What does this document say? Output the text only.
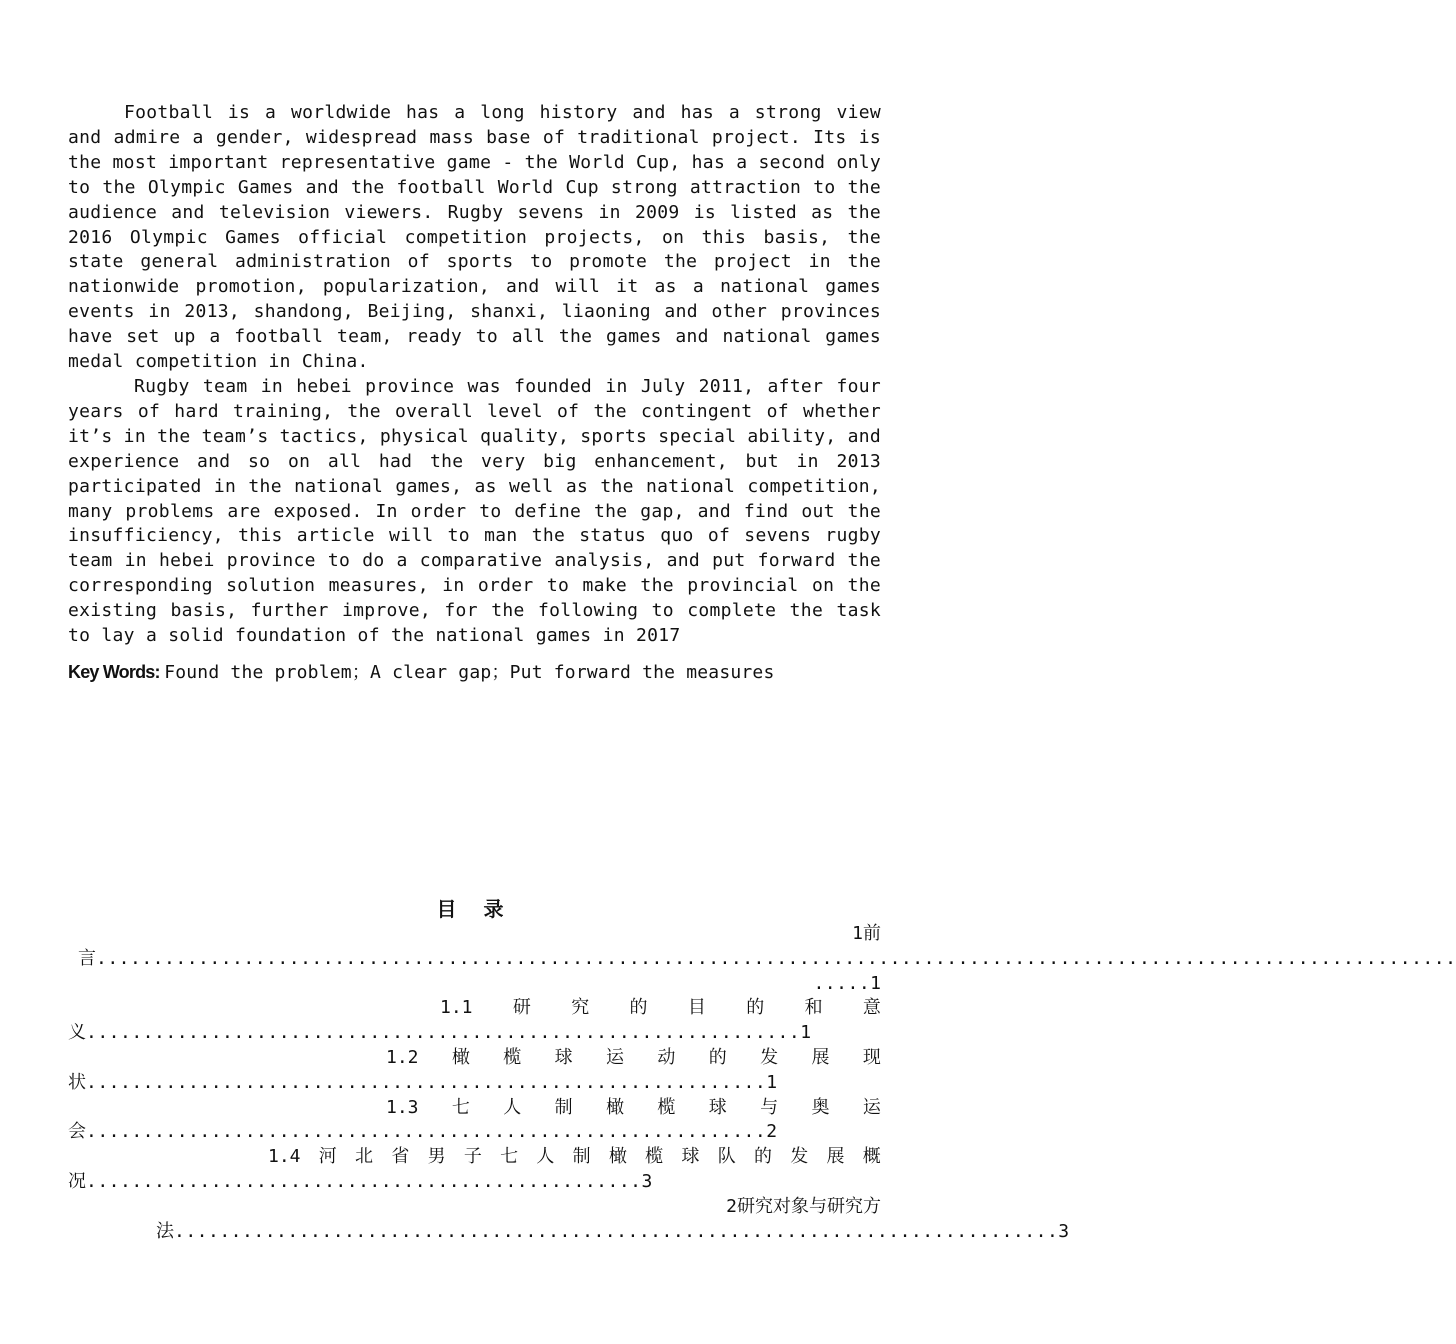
Football is a worldwide has a long history and has a strong view and admire a gender, widespread mass base of traditional project. Its is the most important representative game - the World Cup, has a second only to the Olympic Games and the football World Cup strong attraction to the audience and television viewers. Rugby sevens in 2009 is listed as the 2016 Olympic Games official competition projects, on this basis, the state general administration of sports to promote the project in the nationwide promotion, popularization, and will it as a national games events in 2013, shandong, Beijing, shanxi, liaoning and other provinces have set up a football team, ready to all the games and national games medal competition in China.

Rugby team in hebei province was founded in July 2011, after four years of hard training, the overall level of the contingent of whether it’s in the team’s tactics, physical quality, sports special ability, and experience and so on all had the very big enhancement, but in 2013 participated in the national games, as well as the national competition, many problems are exposed. In order to define the gap, and find out the insufficiency, this article will to man the status quo of sevens rugby team in hebei province to do a comparative analysis, and put forward the corresponding solution measures, in order to make the provincial on the existing basis, further improve, for the following to complete the task to lay a solid foundation of the national games in 2017

Key Words: Found the problem；A clear gap；Put forward the measures
目 录
1前
言........................................................................................................................
.....1
1.1 研 究 的 目 的 和 意
义...............................................................1
1.2 橄 榄 球 运 动 的 发 展 现
状............................................................1
1.3 七 人 制 橄 榄 球 与 奥 运
会............................................................2
1.4 河 北 省 男 子 七 人 制 橄 榄 球 队 的 发 展 概
况.................................................3
2研究对象与研究方
法..............................................................................3
